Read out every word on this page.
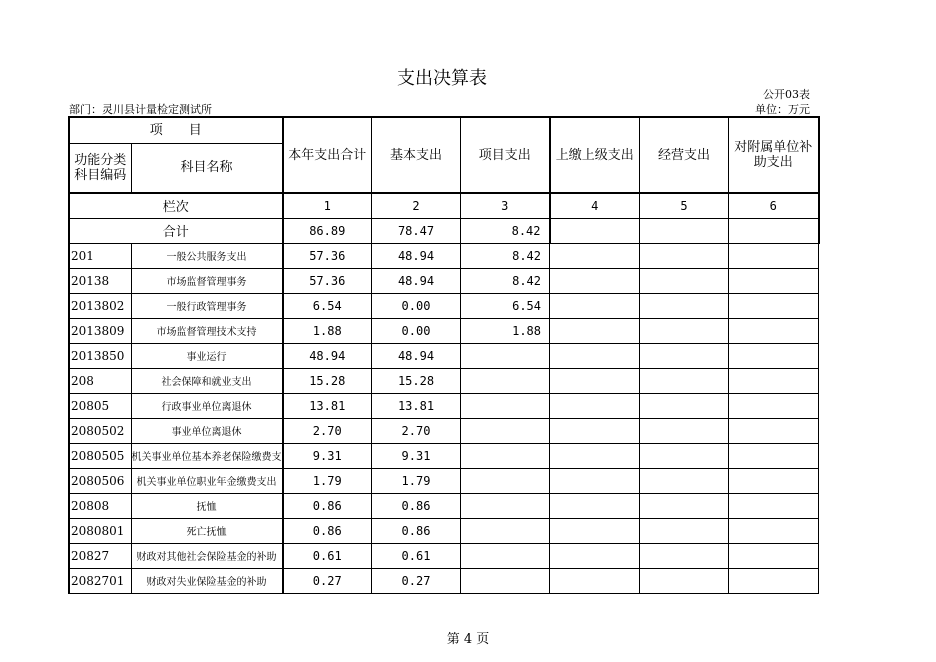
支出决算表
公开03表
部门：灵川县计量检定测试所	单位：万元
项　　目		本年支出合计	基本支出	项目支出	上缴上级支出	经营支出	对附属单位补助支出
功能分类科目编码	科目名称						
栏次		1	2	3	4	5	6
合计		86.89	78.47	8.42			
201	一般公共服务支出	57.36	48.94	8.42			
20138	市场监督管理事务	57.36	48.94	8.42			
2013802	一般行政管理事务	6.54	0.00	6.54			
2013809	市场监督管理技术支持	1.88	0.00	1.88			
2013850	事业运行	48.94	48.94				
208	社会保障和就业支出	15.28	15.28				
20805	行政事业单位离退休	13.81	13.81				
2080502	事业单位离退休	2.70	2.70				
2080505	机关事业单位基本养老保险缴费支	9.31	9.31				
2080506	机关事业单位职业年金缴费支出	1.79	1.79				
20808	抚恤	0.86	0.86				
2080801	死亡抚恤	0.86	0.86				
20827	财政对其他社会保险基金的补助	0.61	0.61				
2082701	财政对失业保险基金的补助	0.27	0.27				
第 4 页
